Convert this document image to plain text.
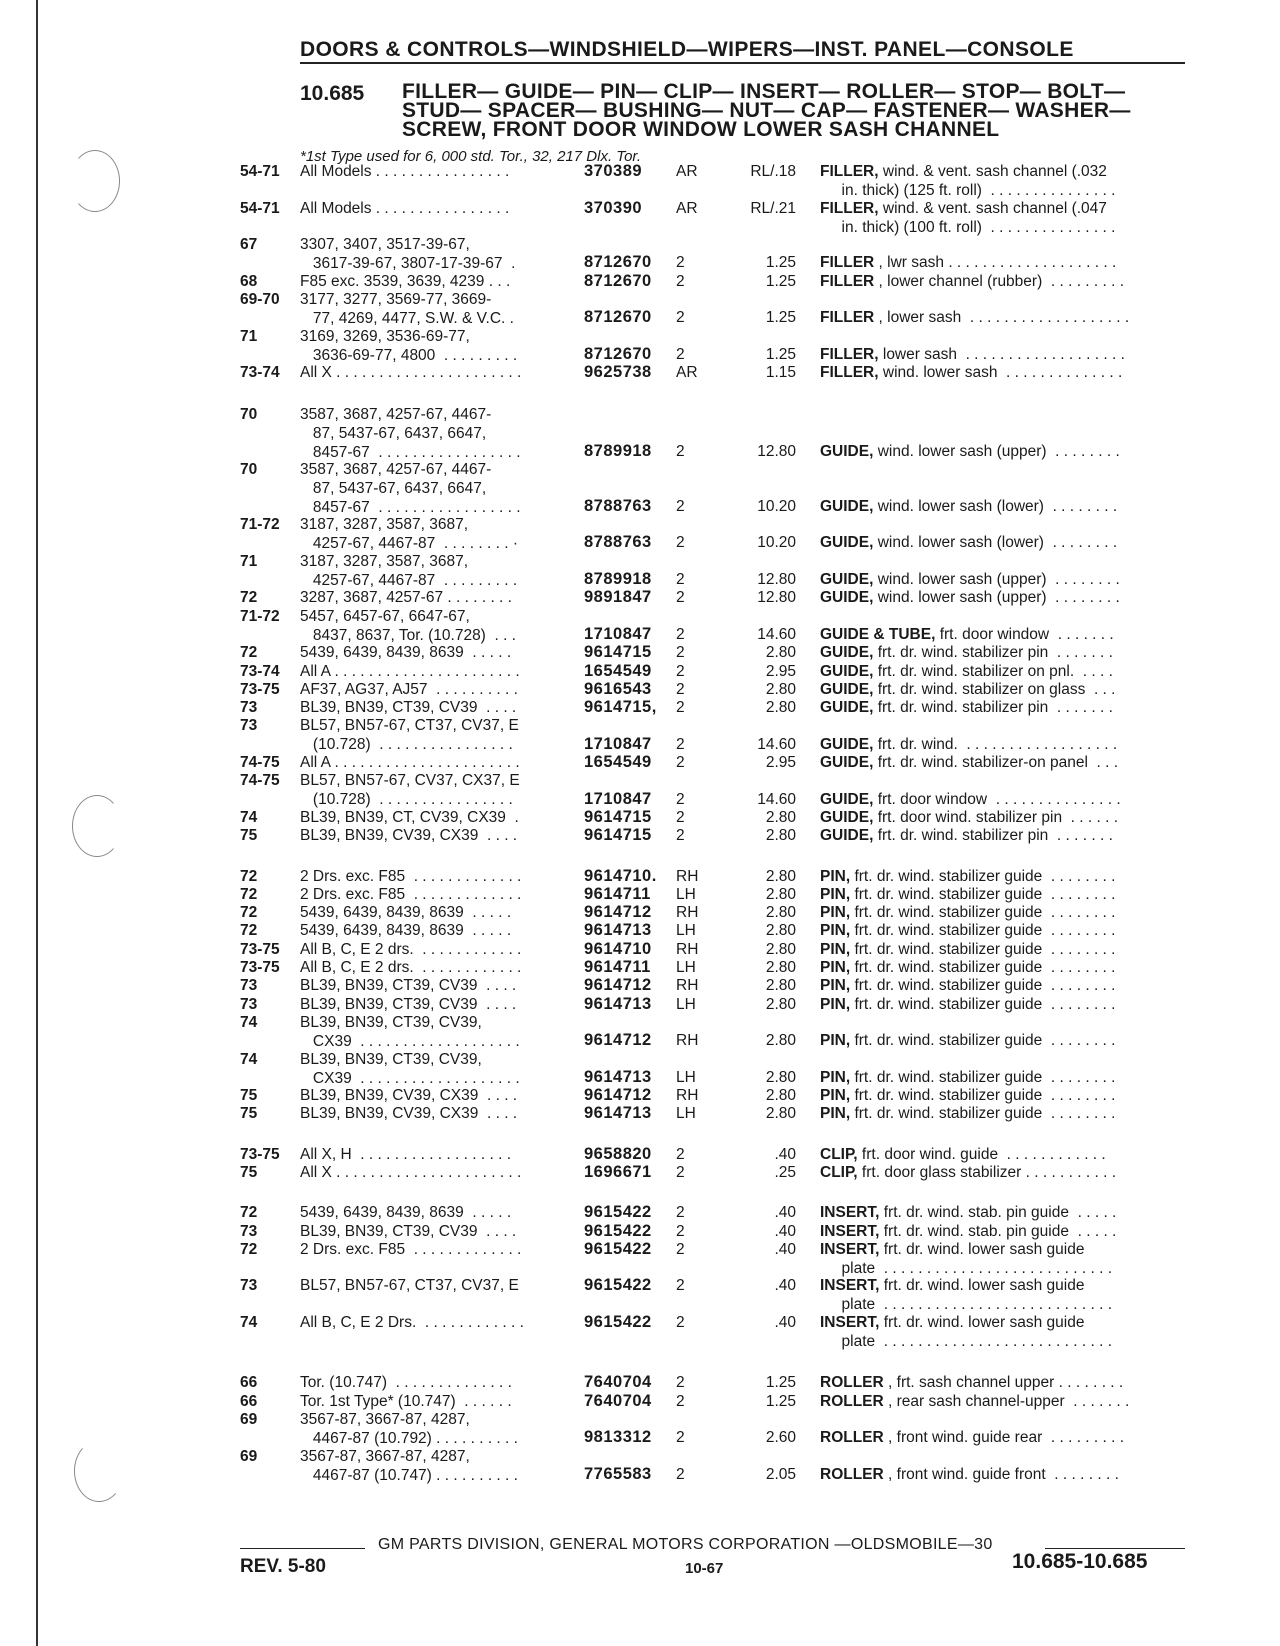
DOORS & CONTROLS—WINDSHIELD—WIPERS—INST. PANEL—CONSOLE
10.685 FILLER— GUIDE— PIN— CLIP— INSERT— ROLLER— STOP— BOLT—
STUD— SPACER— BUSHING— NUT— CAP— FASTENER— WASHER—
SCREW, FRONT DOOR WINDOW LOWER SASH CHANNEL
*1st Type used for 6, 000 std. Tor., 32, 217 Dlx. Tor.
54-71 All Models . . . . . . . . . . . . . . . .	370389 AR	RL/.18 FILLER, wind. & vent. sash channel (.032
in. thick) (125 ft. roll)  . . . . . . . . . . . . . . .
54-71 All Models . . . . . . . . . . . . . . . .	370390 AR	RL/.21 FILLER, wind. & vent. sash channel (.047
in. thick) (100 ft. roll)  . . . . . . . . . . . . . . .
67	3307, 3407, 3517-39-67,
3617-39-67, 3807-17-39-67  .	8712670 2	1.25 FILLER , lwr sash . . . . . . . . . . . . . . . . . . . .
68	F85 exc. 3539, 3639, 4239 . . .	8712670 2	1.25 FILLER , lower channel (rubber)  . . . . . . . . .
69-70 3177, 3277, 3569-77, 3669-
77, 4269, 4477, S.W. & V.C. .	8712670 2	1.25 FILLER , lower sash  . . . . . . . . . . . . . . . . . . .
71	3169, 3269, 3536-69-77,
3636-69-77, 4800  . . . . . . . . .	8712670 2	1.25 FILLER, lower sash  . . . . . . . . . . . . . . . . . . .
73-74 All X . . . . . . . . . . . . . . . . . . . . . .	9625738 AR	1.15 FILLER, wind. lower sash  . . . . . . . . . . . . . .
70	3587, 3687, 4257-67, 4467-
87, 5437-67, 6437, 6647,
8457-67  . . . . . . . . . . . . . . . . .	8789918 2	12.80 GUIDE, wind. lower sash (upper)  . . . . . . . .
70	3587, 3687, 4257-67, 4467-
87, 5437-67, 6437, 6647,
8457-67  . . . . . . . . . . . . . . . . .	8788763 2	10.20 GUIDE, wind. lower sash (lower)  . . . . . . . .
71-72 3187, 3287, 3587, 3687,
4257-67, 4467-87  . . . . . . . . ·	8788763 2	10.20 GUIDE, wind. lower sash (lower)  . . . . . . . .
71	3187, 3287, 3587, 3687,
4257-67, 4467-87  . . . . . . . . .	8789918 2	12.80 GUIDE, wind. lower sash (upper)  . . . . . . . .
72	3287, 3687, 4257-67 . . . . . . . .	9891847 2	12.80 GUIDE, wind. lower sash (upper)  . . . . . . . .
71-72 5457, 6457-67, 6647-67,
8437, 8637, Tor. (10.728)  . . .	1710847 2	14.60 GUIDE & TUBE, frt. door window  . . . . . . .
72	5439, 6439, 8439, 8639  . . . . .	9614715 2	2.80 GUIDE, frt. dr. wind. stabilizer pin  . . . . . . .
73-74 All A . . . . . . . . . . . . . . . . . . . . . .	1654549 2	2.95 GUIDE, frt. dr. wind. stabilizer on pnl.  . . . .
73-75 AF37, AG37, AJ57  . . . . . . . . . .	9616543 2	2.80 GUIDE, frt. dr. wind. stabilizer on glass  . . .
73	BL39, BN39, CT39, CV39  . . . .	9614715, 2	2.80 GUIDE, frt. dr. wind. stabilizer pin  . . . . . . .
73	BL57, BN57-67, CT37, CV37, E
(10.728)  . . . . . . . . . . . . . . . .	1710847 2	14.60 GUIDE, frt. dr. wind.  . . . . . . . . . . . . . . . . . .
74-75 All A . . . . . . . . . . . . . . . . . . . . . .	1654549 2	2.95 GUIDE, frt. dr. wind. stabilizer-on panel  . . .
74-75 BL57, BN57-67, CV37, CX37, E
(10.728)  . . . . . . . . . . . . . . . .	1710847 2	14.60 GUIDE, frt. door window  . . . . . . . . . . . . . . .
74	BL39, BN39, CT, CV39, CX39  .	9614715 2	2.80 GUIDE, frt. door wind. stabilizer pin  . . . . . .
75	BL39, BN39, CV39, CX39  . . . .	9614715 2	2.80 GUIDE, frt. dr. wind. stabilizer pin  . . . . . . .
72	2 Drs. exc. F85  . . . . . . . . . . . . .	9614710. RH	2.80 PIN, frt. dr. wind. stabilizer guide  . . . . . . . .
72	2 Drs. exc. F85  . . . . . . . . . . . . .	9614711 LH	2.80 PIN, frt. dr. wind. stabilizer guide  . . . . . . . .
72	5439, 6439, 8439, 8639  . . . . .	9614712 RH	2.80 PIN, frt. dr. wind. stabilizer guide  . . . . . . . .
72	5439, 6439, 8439, 8639  . . . . .	9614713 LH	2.80 PIN, frt. dr. wind. stabilizer guide  . . . . . . . .
73-75 All B, C, E 2 drs.  . . . . . . . . . . . .	9614710 RH	2.80 PIN, frt. dr. wind. stabilizer guide  . . . . . . . .
73-75 All B, C, E 2 drs.  . . . . . . . . . . . .	9614711 LH	2.80 PIN, frt. dr. wind. stabilizer guide  . . . . . . . .
73	BL39, BN39, CT39, CV39  . . . .	9614712 RH	2.80 PIN, frt. dr. wind. stabilizer guide  . . . . . . . .
73	BL39, BN39, CT39, CV39  . . . .	9614713 LH	2.80 PIN, frt. dr. wind. stabilizer guide  . . . . . . . .
74	BL39, BN39, CT39, CV39,
CX39  . . . . . . . . . . . . . . . . . . .	9614712 RH	2.80 PIN, frt. dr. wind. stabilizer guide  . . . . . . . .
74	BL39, BN39, CT39, CV39,
CX39  . . . . . . . . . . . . . . . . . . .	9614713 LH	2.80 PIN, frt. dr. wind. stabilizer guide  . . . . . . . .
75	BL39, BN39, CV39, CX39  . . . .	9614712 RH	2.80 PIN, frt. dr. wind. stabilizer guide  . . . . . . . .
75	BL39, BN39, CV39, CX39  . . . .	9614713 LH	2.80 PIN, frt. dr. wind. stabilizer guide  . . . . . . . .
73-75 All X, H  . . . . . . . . . . . . . . . . . .	9658820 2	.40 CLIP, frt. door wind. guide  . . . . . . . . . . . .
75	All X . . . . . . . . . . . . . . . . . . . . . .	1696671 2	.25 CLIP, frt. door glass stabilizer . . . . . . . . . . .
72	5439, 6439, 8439, 8639  . . . . .	9615422 2	.40 INSERT, frt. dr. wind. stab. pin guide  . . . . .
73	BL39, BN39, CT39, CV39  . . . .	9615422 2	.40 INSERT, frt. dr. wind. stab. pin guide  . . . . .
72	2 Drs. exc. F85  . . . . . . . . . . . . .	9615422 2	.40 INSERT, frt. dr. wind. lower sash guide
plate  . . . . . . . . . . . . . . . . . . . . . . . . . . .
73	BL57, BN57-67, CT37, CV37, E	9615422 2	.40 INSERT, frt. dr. wind. lower sash guide
plate  . . . . . . . . . . . . . . . . . . . . . . . . . . .
74	All B, C, E 2 Drs.  . . . . . . . . . . . .	9615422 2	.40 INSERT, frt. dr. wind. lower sash guide
plate  . . . . . . . . . . . . . . . . . . . . . . . . . . .
66	Tor. (10.747)  . . . . . . . . . . . . . .	7640704 2	1.25 ROLLER , frt. sash channel upper . . . . . . . .
66	Tor. 1st Type* (10.747)  . . . . . .	7640704 2	1.25 ROLLER , rear sash channel-upper  . . . . . . .
69	3567-87, 3667-87, 4287,
4467-87 (10.792) . . . . . . . . . .	9813312 2	2.60 ROLLER , front wind. guide rear  . . . . . . . . .
69	3567-87, 3667-87, 4287,
4467-87 (10.747) . . . . . . . . . .	7765583 2	2.05 ROLLER , front wind. guide front  . . . . . . . .
GM PARTS DIVISION, GENERAL MOTORS CORPORATION —OLDSMOBILE—30
REV. 5-80	10-67	10.685-10.685
